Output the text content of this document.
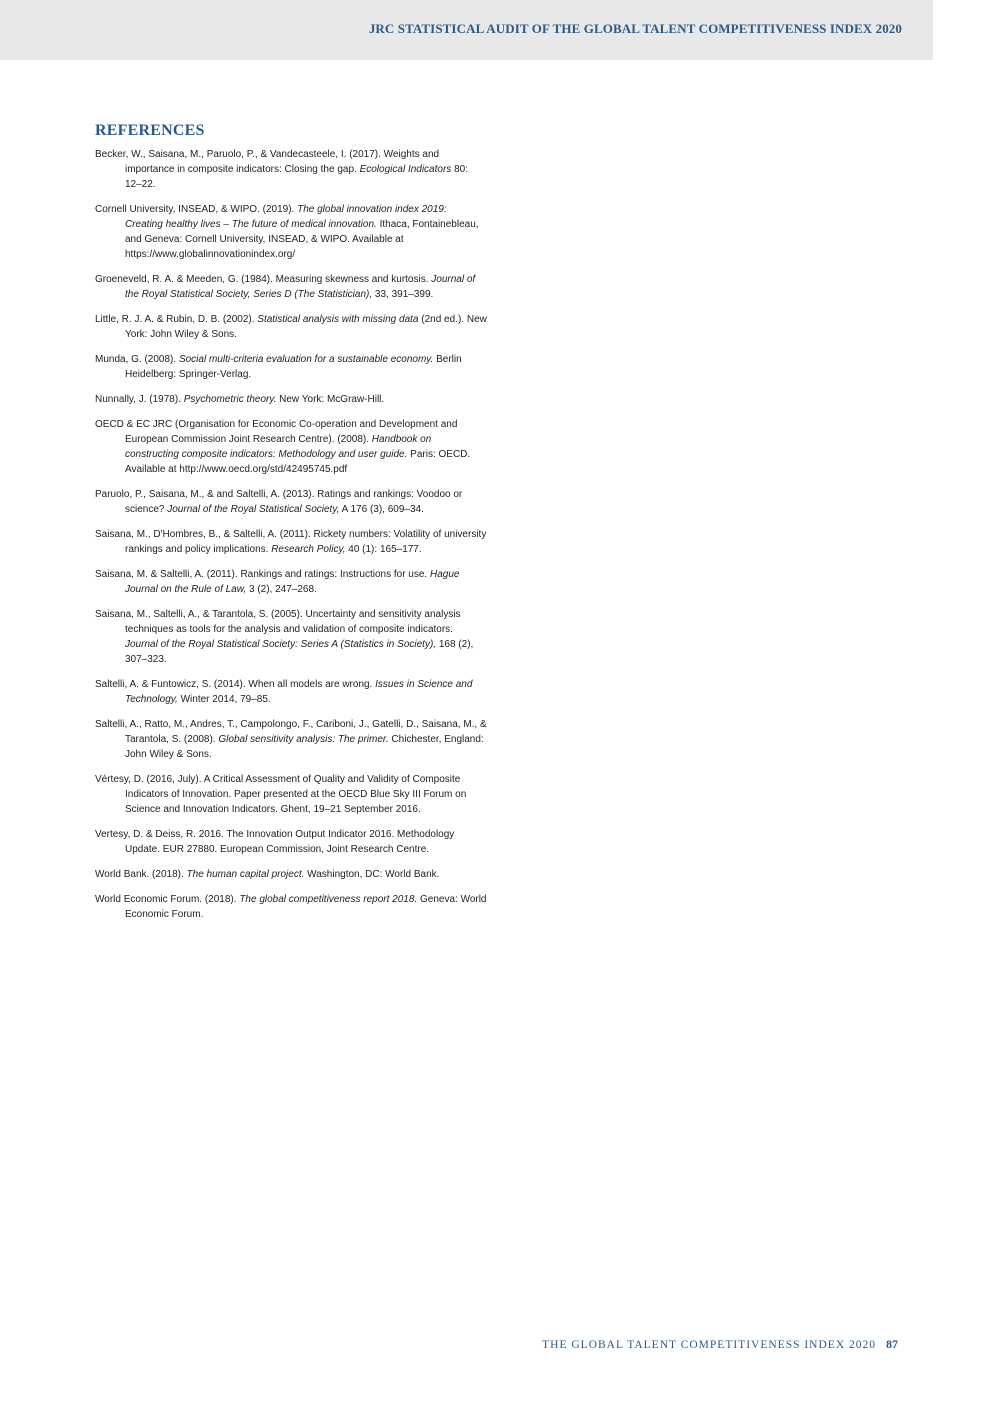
JRC STATISTICAL AUDIT OF THE GLOBAL TALENT COMPETITIVENESS INDEX 2020
REFERENCES
Becker, W., Saisana, M., Paruolo, P., & Vandecasteele, I. (2017). Weights and importance in composite indicators: Closing the gap. Ecological Indicators 80: 12–22.
Cornell University, INSEAD, & WIPO. (2019). The global innovation index 2019: Creating healthy lives – The future of medical innovation. Ithaca, Fontainebleau, and Geneva: Cornell University, INSEAD, & WIPO. Available at https://www.globalinnovationindex.org/
Groeneveld, R. A. & Meeden, G. (1984). Measuring skewness and kurtosis. Journal of the Royal Statistical Society, Series D (The Statistician), 33, 391–399.
Little, R. J. A. & Rubin, D. B. (2002). Statistical analysis with missing data (2nd ed.). New York: John Wiley & Sons.
Munda, G. (2008). Social multi-criteria evaluation for a sustainable economy. Berlin Heidelberg: Springer-Verlag.
Nunnally, J. (1978). Psychometric theory. New York: McGraw-Hill.
OECD & EC JRC (Organisation for Economic Co-operation and Development and European Commission Joint Research Centre). (2008). Handbook on constructing composite indicators: Methodology and user guide. Paris: OECD. Available at http://www.oecd.org/std/42495745.pdf
Paruolo, P., Saisana, M., & and Saltelli, A. (2013). Ratings and rankings: Voodoo or science? Journal of the Royal Statistical Society, A 176 (3), 609–34.
Saisana, M., D'Hombres, B., & Saltelli, A. (2011). Rickety numbers: Volatility of university rankings and policy implications. Research Policy, 40 (1): 165–177.
Saisana, M. & Saltelli, A. (2011). Rankings and ratings: Instructions for use. Hague Journal on the Rule of Law, 3 (2), 247–268.
Saisana, M., Saltelli, A., & Tarantola, S. (2005). Uncertainty and sensitivity analysis techniques as tools for the analysis and validation of composite indicators. Journal of the Royal Statistical Society: Series A (Statistics in Society), 168 (2), 307–323.
Saltelli, A. & Funtowicz, S. (2014). When all models are wrong. Issues in Science and Technology, Winter 2014, 79–85.
Saltelli, A., Ratto, M., Andres, T., Campolongo, F., Cariboni, J., Gatelli, D., Saisana, M., & Tarantola, S. (2008). Global sensitivity analysis: The primer. Chichester, England: John Wiley & Sons.
Vértesy, D. (2016, July). A Critical Assessment of Quality and Validity of Composite Indicators of Innovation. Paper presented at the OECD Blue Sky III Forum on Science and Innovation Indicators. Ghent, 19–21 September 2016.
Vertesy, D. & Deiss, R. 2016. The Innovation Output Indicator 2016. Methodology Update. EUR 27880. European Commission, Joint Research Centre.
World Bank. (2018). The human capital project. Washington, DC: World Bank.
World Economic Forum. (2018). The global competitiveness report 2018. Geneva: World Economic Forum.
THE GLOBAL TALENT COMPETITIVENESS INDEX 2020 87
